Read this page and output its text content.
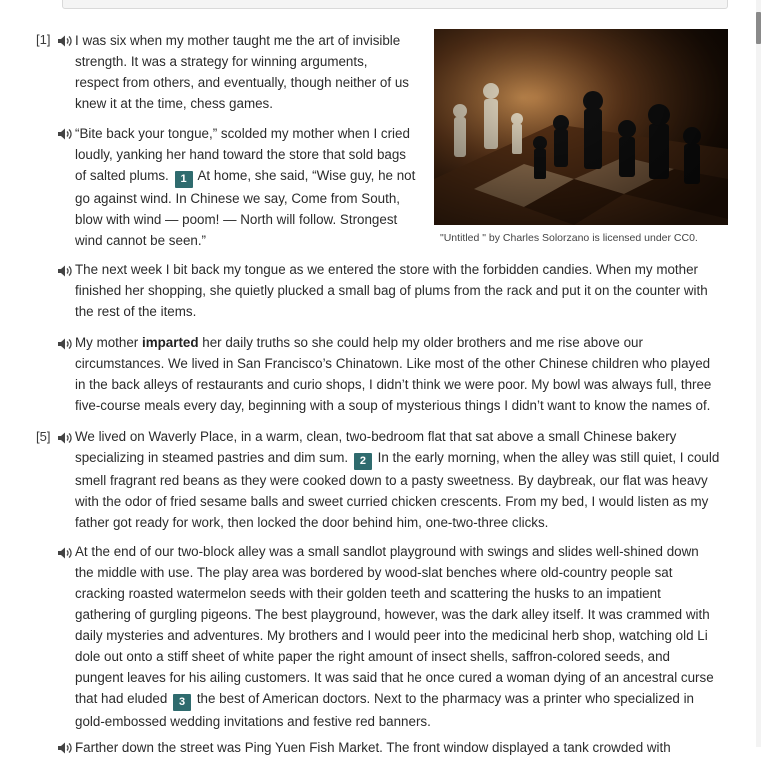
[1] I was six when my mother taught me the art of invisible
strength. It was a strategy for winning arguments,
respect from others, and eventually, though neither of us
knew it at the time, chess games.
"Untitled " by Charles Solorzano is licensed under CC0.
“Bite back your tongue,” scolded my mother when I cried
loudly, yanking her hand toward the store that sold bags
of salted plums. 1 At home, she said, “Wise guy, he not
go against wind. In Chinese we say, Come from South,
blow with wind — poom! — North will follow. Strongest
wind cannot be seen.”
The next week I bit back my tongue as we entered the store with the forbidden candies. When my mother
finished her shopping, she quietly plucked a small bag of plums from the rack and put it on the counter with
the rest of the items.
My mother imparted her daily truths so she could help my older brothers and me rise above our
circumstances. We lived in San Francisco’s Chinatown. Like most of the other Chinese children who played
in the back alleys of restaurants and curio shops, I didn’t think we were poor. My bowl was always full, three
five-course meals every day, beginning with a soup of mysterious things I didn’t want to know the names of.
[5] We lived on Waverly Place, in a warm, clean, two-bedroom flat that sat above a small Chinese bakery
specializing in steamed pastries and dim sum. 2 In the early morning, when the alley was still quiet, I could
smell fragrant red beans as they were cooked down to a pasty sweetness. By daybreak, our flat was heavy
with the odor of fried sesame balls and sweet curried chicken crescents. From my bed, I would listen as my
father got ready for work, then locked the door behind him, one-two-three clicks.
At the end of our two-block alley was a small sandlot playground with swings and slides well-shined down
the middle with use. The play area was bordered by wood-slat benches where old-country people sat
cracking roasted watermelon seeds with their golden teeth and scattering the husks to an impatient
gathering of gurgling pigeons. The best playground, however, was the dark alley itself. It was crammed with
daily mysteries and adventures. My brothers and I would peer into the medicinal herb shop, watching old Li
dole out onto a stiff sheet of white paper the right amount of insect shells, saffron-colored seeds, and
pungent leaves for his ailing customers. It was said that he once cured a woman dying of an ancestral curse
that had eluded 3 the best of American doctors. Next to the pharmacy was a printer who specialized in
gold-embossed wedding invitations and festive red banners.
Farther down the street was Ping Yuen Fish Market. The front window displayed a tank crowded with
